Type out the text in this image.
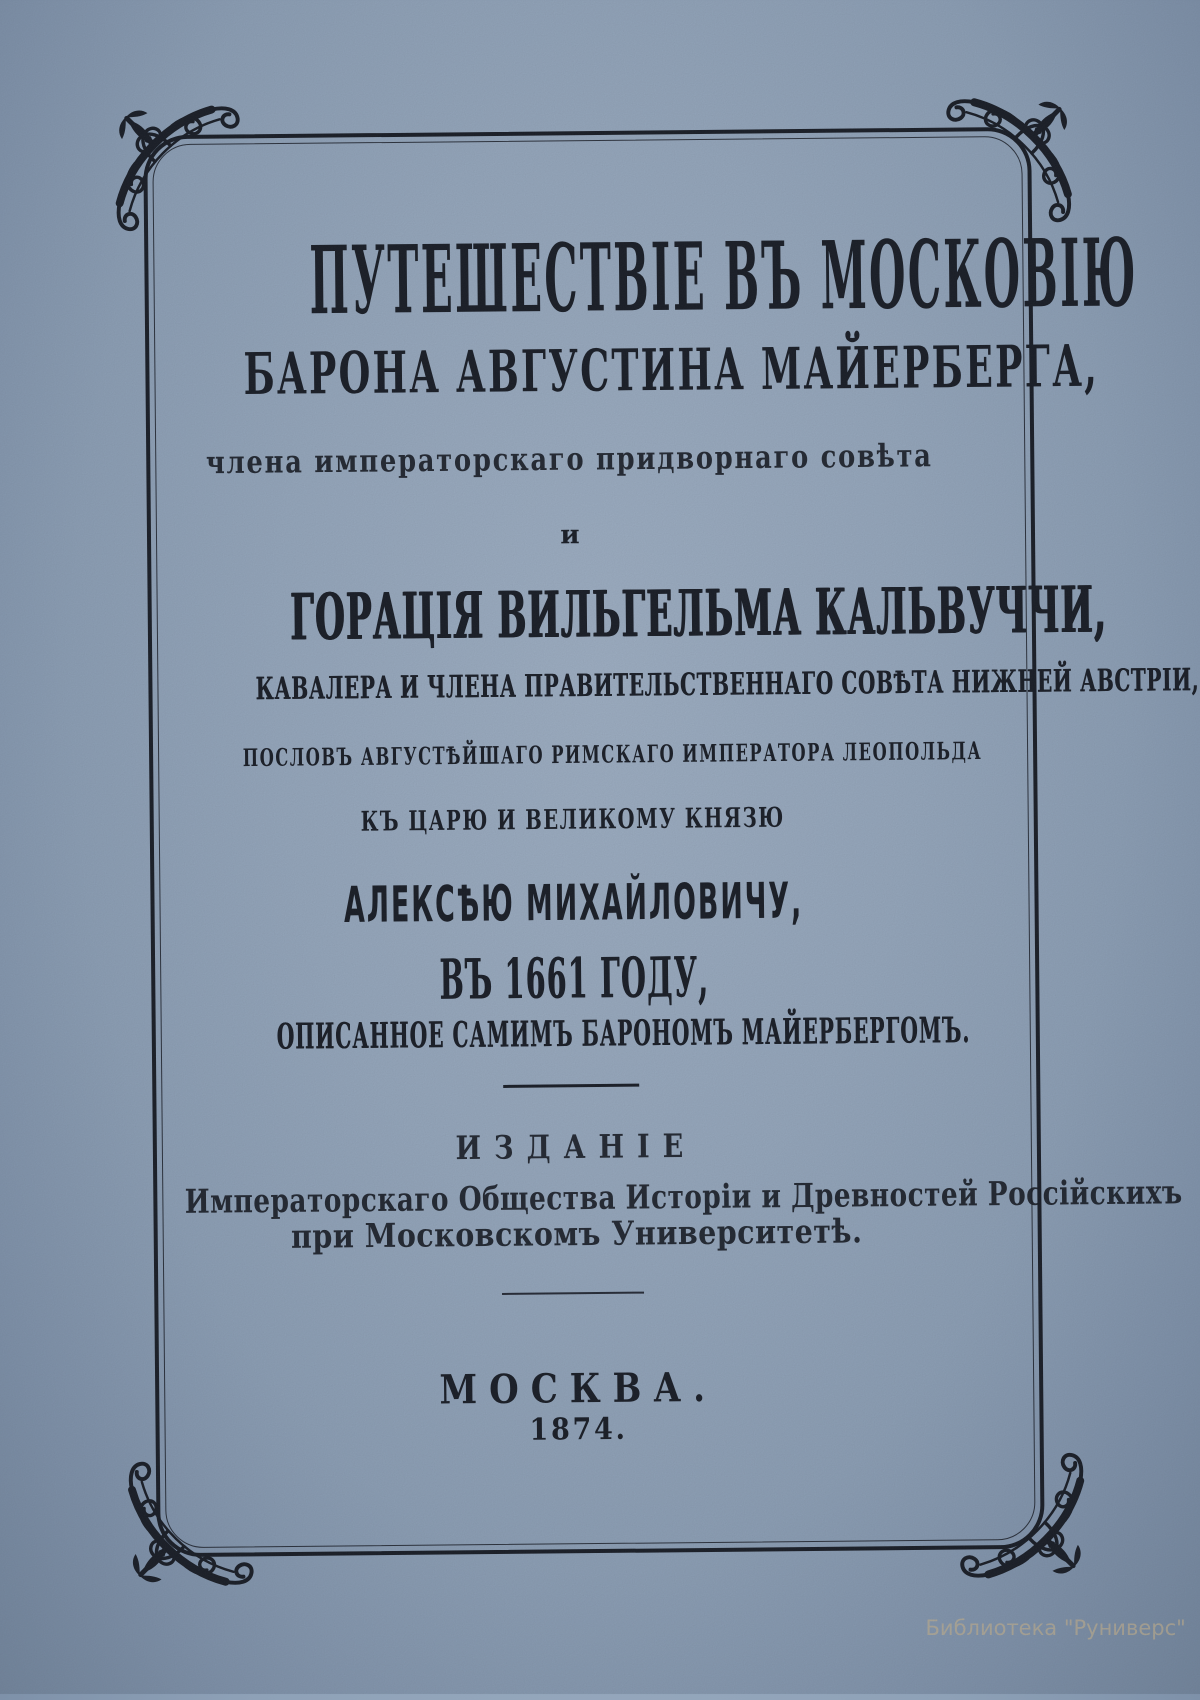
ПУТЕШЕСТВІЕ ВЪ МОСКОВІЮ
БАРОНА АВГУСТИНА МАЙЕРБЕРГА,
члена императорскаго придворнаго совѣта
и
ГОРАЦІЯ ВИЛЬГЕЛЬМА КАЛЬВУЧЧИ,
КАВАЛЕРА И ЧЛЕНА ПРАВИТЕЛЬСТВЕННАГО СОВѢТА НИЖНЕЙ АВСТРІИ,
ПОСЛОВЪ АВГУСТѢЙШАГО РИМСКАГО ИМПЕРАТОРА ЛЕОПОЛЬДА
КЪ ЦАРЮ И ВЕЛИКОМУ КНЯЗЮ
АЛЕКСѢЮ МИХАЙЛОВИЧУ,
ВЪ 1661 ГОДУ,
ОПИСАННОЕ САМИМЪ БАРОНОМЪ МАЙЕРБЕРГОМЪ.
ИЗДАНІЕ
Императорскаго Общества Исторіи и Древностей Россійскихъ
при Московскомъ Университетѣ.
МОСКВА.
1874.
Библиотека "Руниверс"
